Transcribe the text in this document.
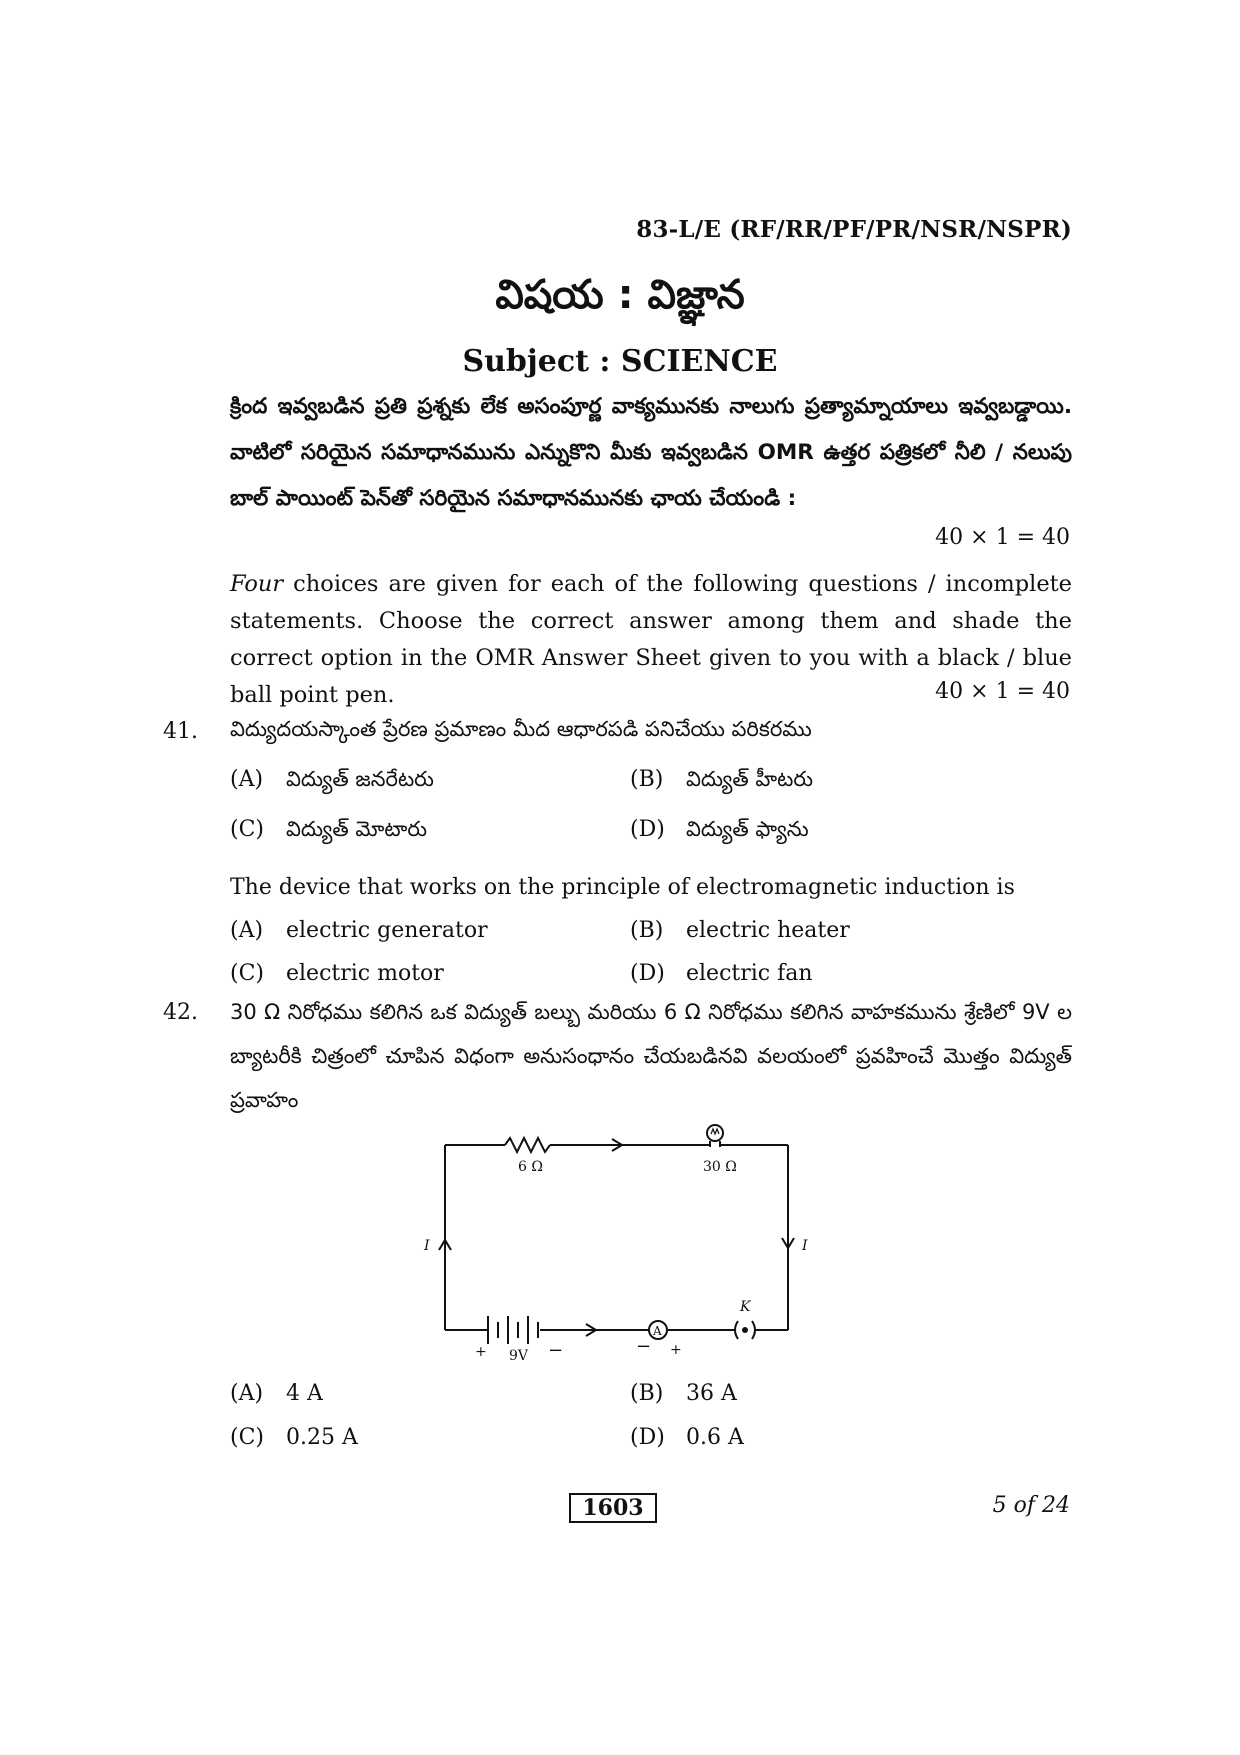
83-L/E (RF/RR/PF/PR/NSR/NSPR)
విషయ : విజ్ఞాన
Subject : SCIENCE
క్రింద ఇవ్వబడిన ప్రతి ప్రశ్నకు లేక అసంపూర్ణ వాక్యమునకు నాలుగు ప్రత్యామ్నాయాలు ఇవ్వబడ్డాయి. వాటిలో సరియైన సమాధానమును ఎన్నుకొని మీకు ఇవ్వబడిన OMR ఉత్తర పత్రికలో నీలి / నలుపు బాల్ పాయింట్ పెన్‌తో సరియైన సమాధానమునకు ఛాయ చేయండి :
40 × 1 = 40
Four choices are given for each of the following questions / incomplete statements. Choose the correct answer among them and shade the correct option in the OMR Answer Sheet given to you with a black / blue ball point pen.	40 × 1 = 40
41. విద్యుదయస్కాంత ప్రేరణ ప్రమాణం మీద ఆధారపడి పనిచేయు పరికరము
(A) విద్యుత్ జనరేటరు	(B) విద్యుత్ హీటరు
(C) విద్యుత్ మోటారు	(D) విద్యుత్ ఫ్యాను
The device that works on the principle of electromagnetic induction is
(A) electric generator	(B) electric heater
(C) electric motor	(D) electric fan
42. 30 Ω నిరోధము కలిగిన ఒక విద్యుత్ బల్బు మరియు 6 Ω నిరోధము కలిగిన వాహకమును శ్రేణిలో 9V ల బ్యాటరీకి చిత్రంలో చూపిన విధంగా అనుసంధానం చేయబడినవి వలయంలో ప్రవహించే మొత్తం విద్యుత్ ప్రవాహం
6 Ω	30 Ω
I	I
9V
+	−
A
− +
K
(A) 4 A	(B) 36 A
(C) 0.25 A	(D) 0.6 A
1603	5 of 24
